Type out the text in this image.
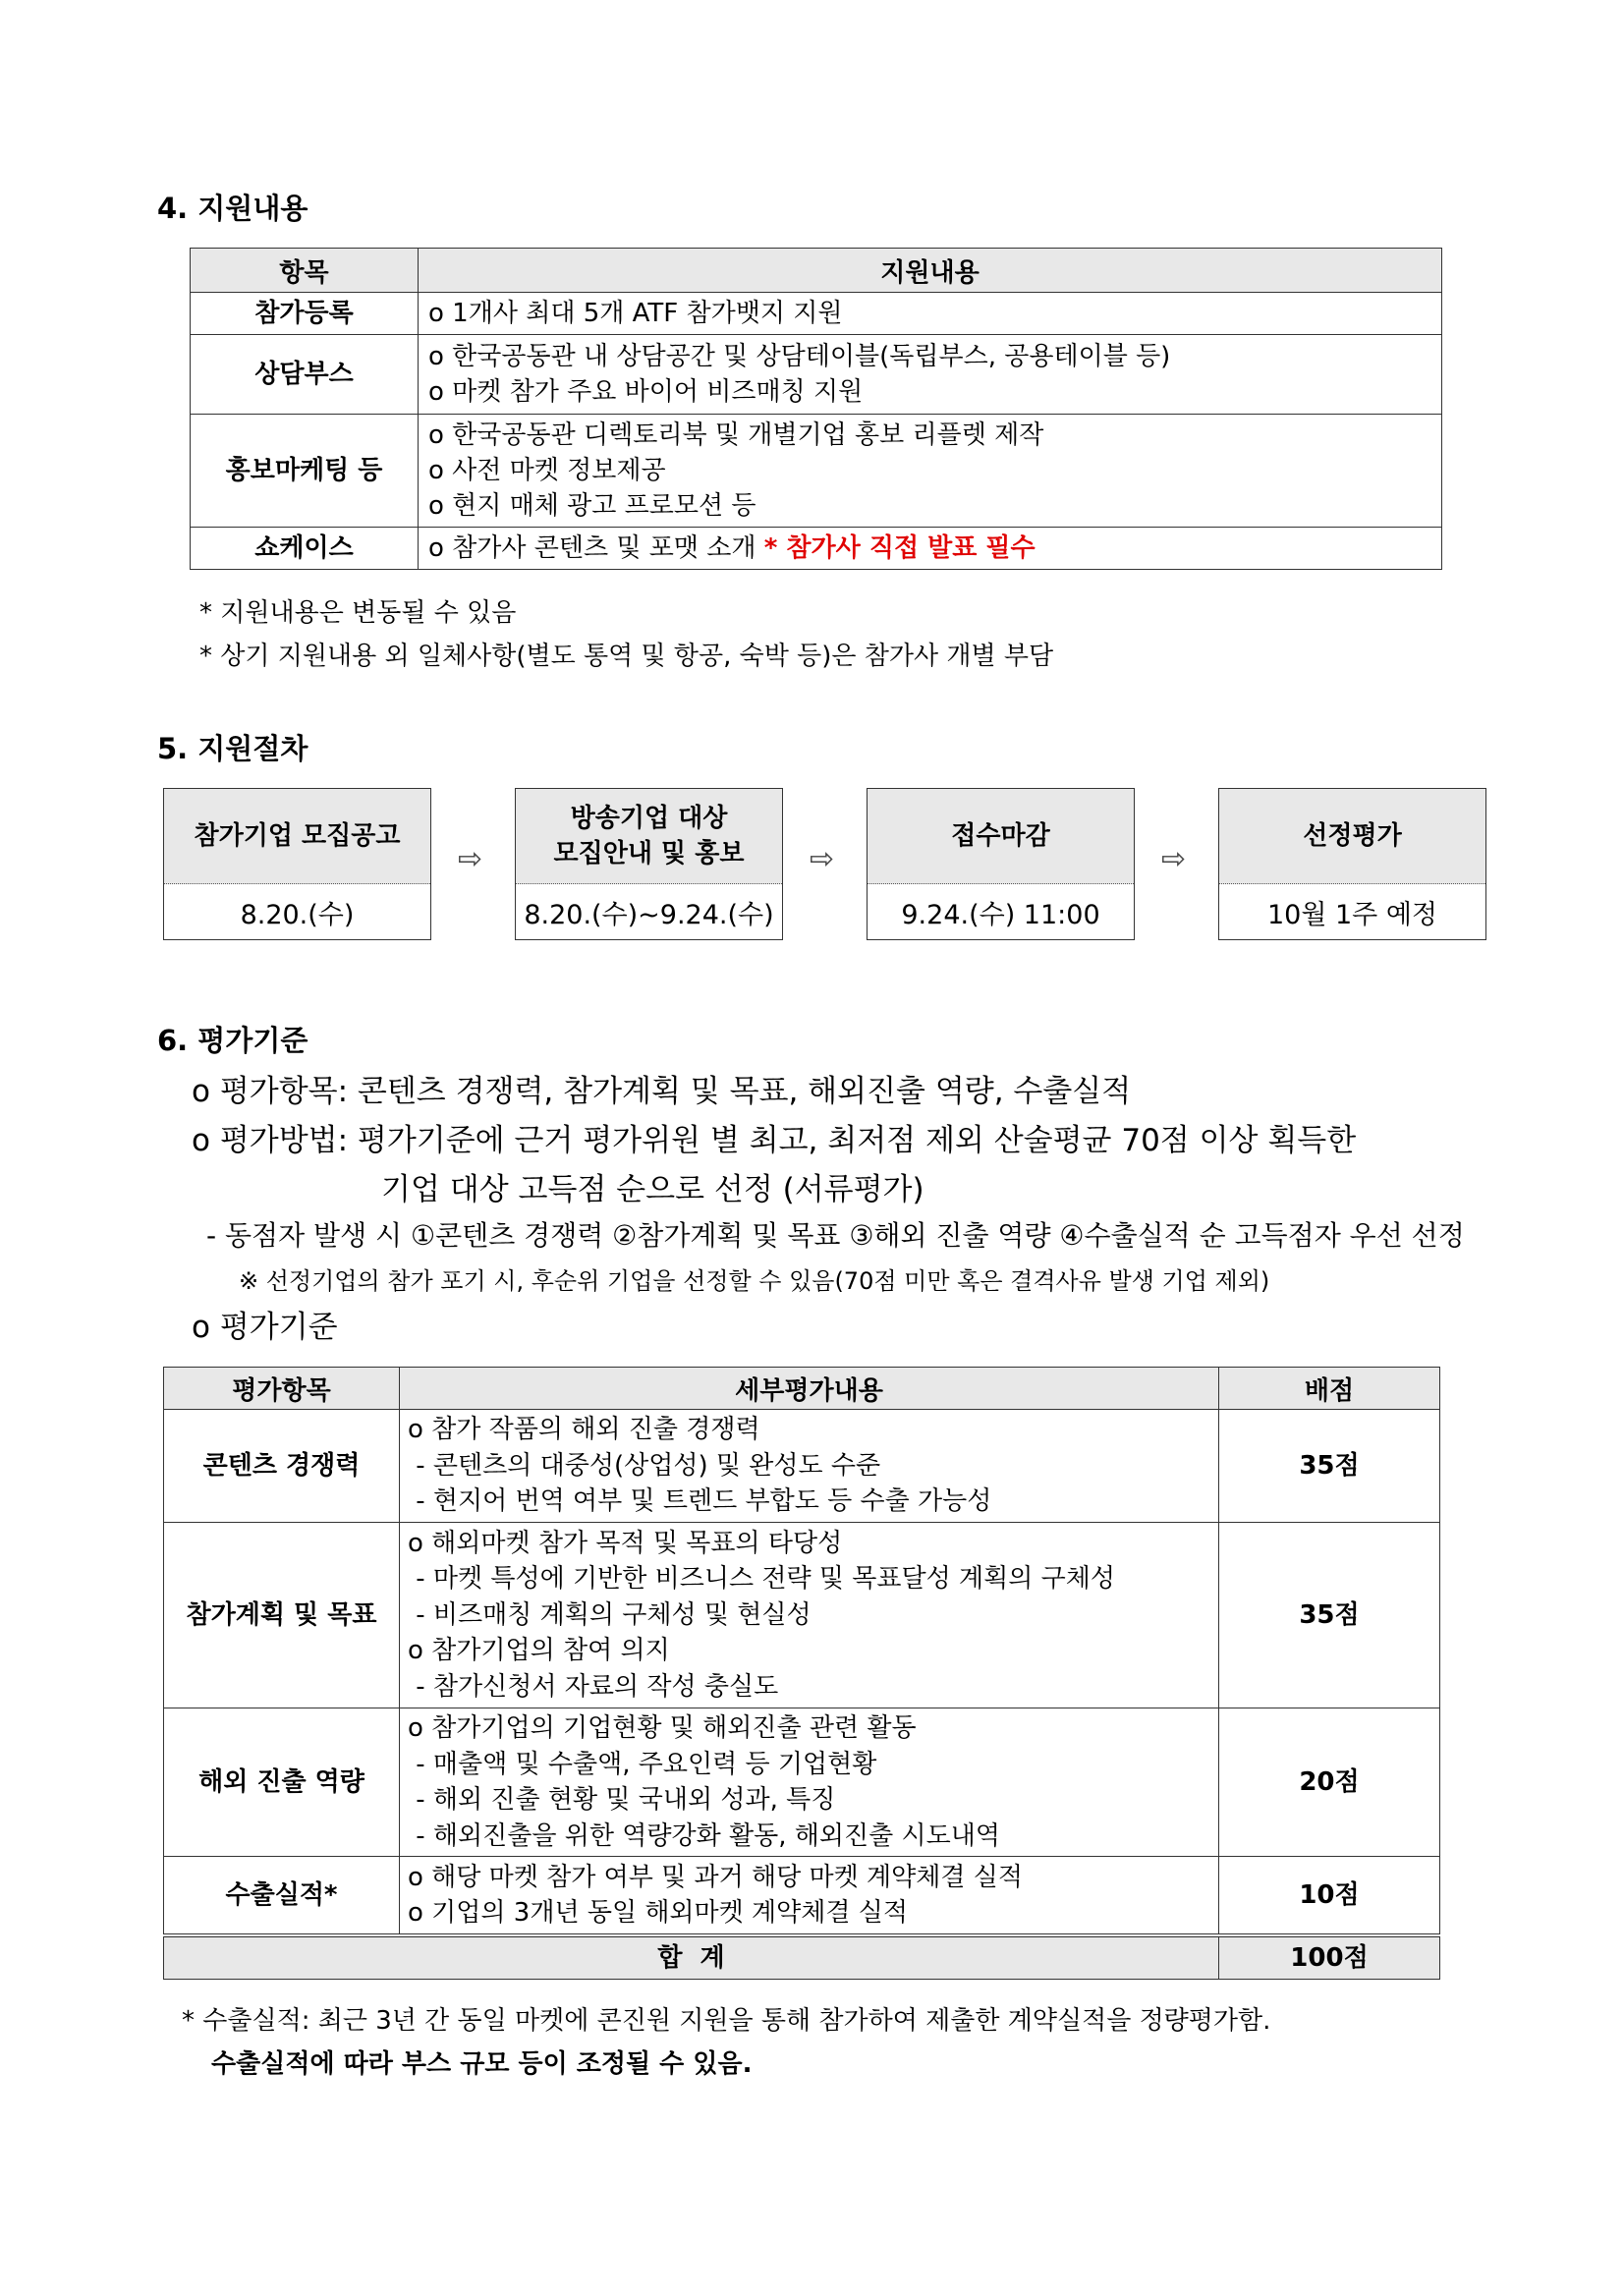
4. 지원내용
항목	지원내용
참가등록	o 1개사 최대 5개 ATF 참가뱃지 지원

상담부스	o 한국공동관 내 상담공간 및 상담테이블(독립부스, 공용테이블 등)
o 마켓 참가 주요 바이어 비즈매칭 지원

홍보마케팅 등	o 한국공동관 디렉토리북 및 개별기업 홍보 리플렛 제작
o 사전 마켓 정보제공
o 현지 매체 광고 프로모션 등

쇼케이스	o 참가사 콘텐츠 및 포맷 소개 * 참가사 직접 발표 필수
* 지원내용은 변동될 수 있음
* 상기 지원내용 외 일체사항(별도 통역 및 항공, 숙박 등)은 참가사 개별 부담
5. 지원절차
참가기업 모집공고
8.20.(수)
⇨
방송기업 대상
모집안내 및 홍보
8.20.(수)~9.24.(수)
⇨
접수마감
9.24.(수) 11:00
⇨
선정평가
10월 1주 예정
6. 평가기준
o 평가항목: 콘텐츠 경쟁력, 참가계획 및 목표, 해외진출 역량, 수출실적
o 평가방법: 평가기준에 근거 평가위원 별 최고, 최저점 제외 산술평균 70점 이상 획득한
기업 대상 고득점 순으로 선정 (서류평가)
- 동점자 발생 시 ①콘텐츠 경쟁력 ②참가계획 및 목표 ③해외 진출 역량 ④수출실적 순 고득점자 우선 선정
※ 선정기업의 참가 포기 시, 후순위 기업을 선정할 수 있음(70점 미만 혹은 결격사유 발생 기업 제외)
o 평가기준
평가항목	세부평가내용	배점
콘텐츠 경쟁력	o 참가 작품의 해외 진출 경쟁력
- 콘텐츠의 대중성(상업성) 및 완성도 수준
- 현지어 번역 여부 및 트렌드 부합도 등 수출 가능성	35점
참가계획 및 목표	o 해외마켓 참가 목적 및 목표의 타당성
- 마켓 특성에 기반한 비즈니스 전략 및 목표달성 계획의 구체성
- 비즈매칭 계획의 구체성 및 현실성
o 참가기업의 참여 의지
- 참가신청서 자료의 작성 충실도	35점
해외 진출 역량	o 참가기업의 기업현황 및 해외진출 관련 활동
- 매출액 및 수출액, 주요인력 등 기업현황
- 해외 진출 현황 및 국내외 성과, 특징
- 해외진출을 위한 역량강화 활동, 해외진출 시도내역	20점
수출실적*	o 해당 마켓 참가 여부 및 과거 해당 마켓 계약체결 실적
o 기업의 3개년 동일 해외마켓 계약체결 실적	10점
합  계		100점
* 수출실적: 최근 3년 간 동일 마켓에 콘진원 지원을 통해 참가하여 제출한 계약실적을 정량평가함.
수출실적에 따라 부스 규모 등이 조정될 수 있음.
